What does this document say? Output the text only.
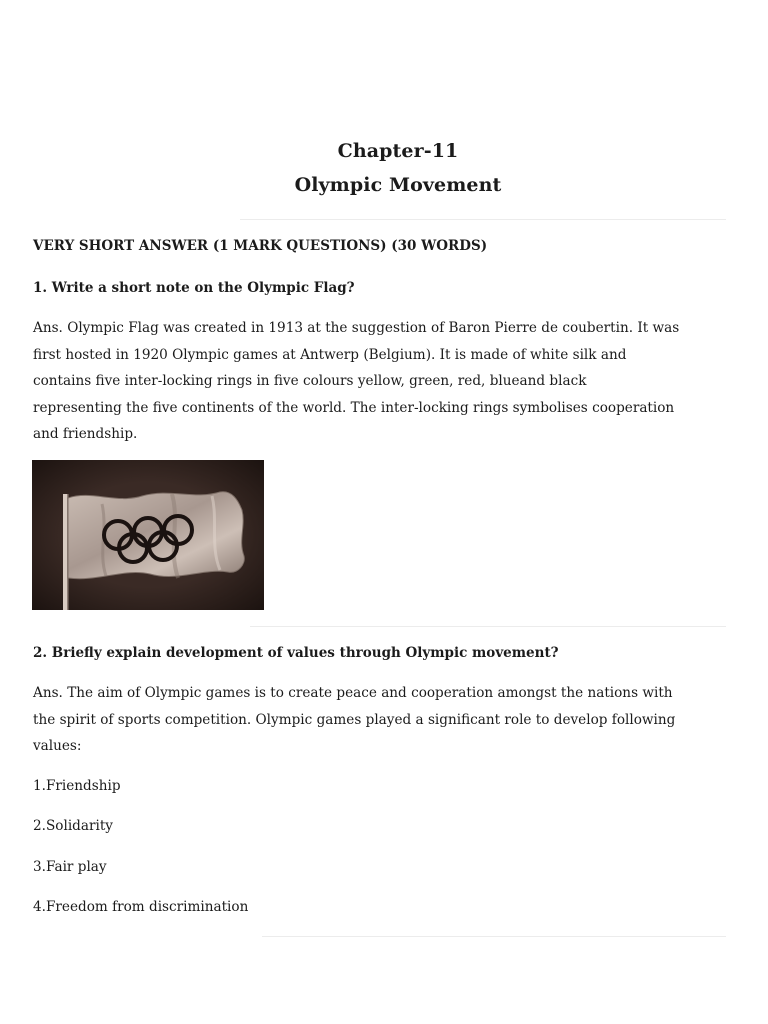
Chapter-11
Olympic Movement
VERY SHORT ANSWER (1 MARK QUESTIONS) (30 WORDS)
1. Write a short note on the Olympic Flag?
Ans. Olympic Flag was created in 1913 at the suggestion of Baron Pierre de coubertin. It was
first hosted in 1920 Olympic games at Antwerp (Belgium). It is made of white silk and
contains five inter-locking rings in five colours yellow, green, red, blueand black
representing the five continents of the world. The inter-locking rings symbolises cooperation
and friendship.
2. Briefly explain development of values through Olympic movement?
Ans. The aim of Olympic games is to create peace and cooperation amongst the nations with
the spirit of sports competition. Olympic games played a significant role to develop following
values:
1.Friendship
2.Solidarity
3.Fair play
4.Freedom from discrimination
